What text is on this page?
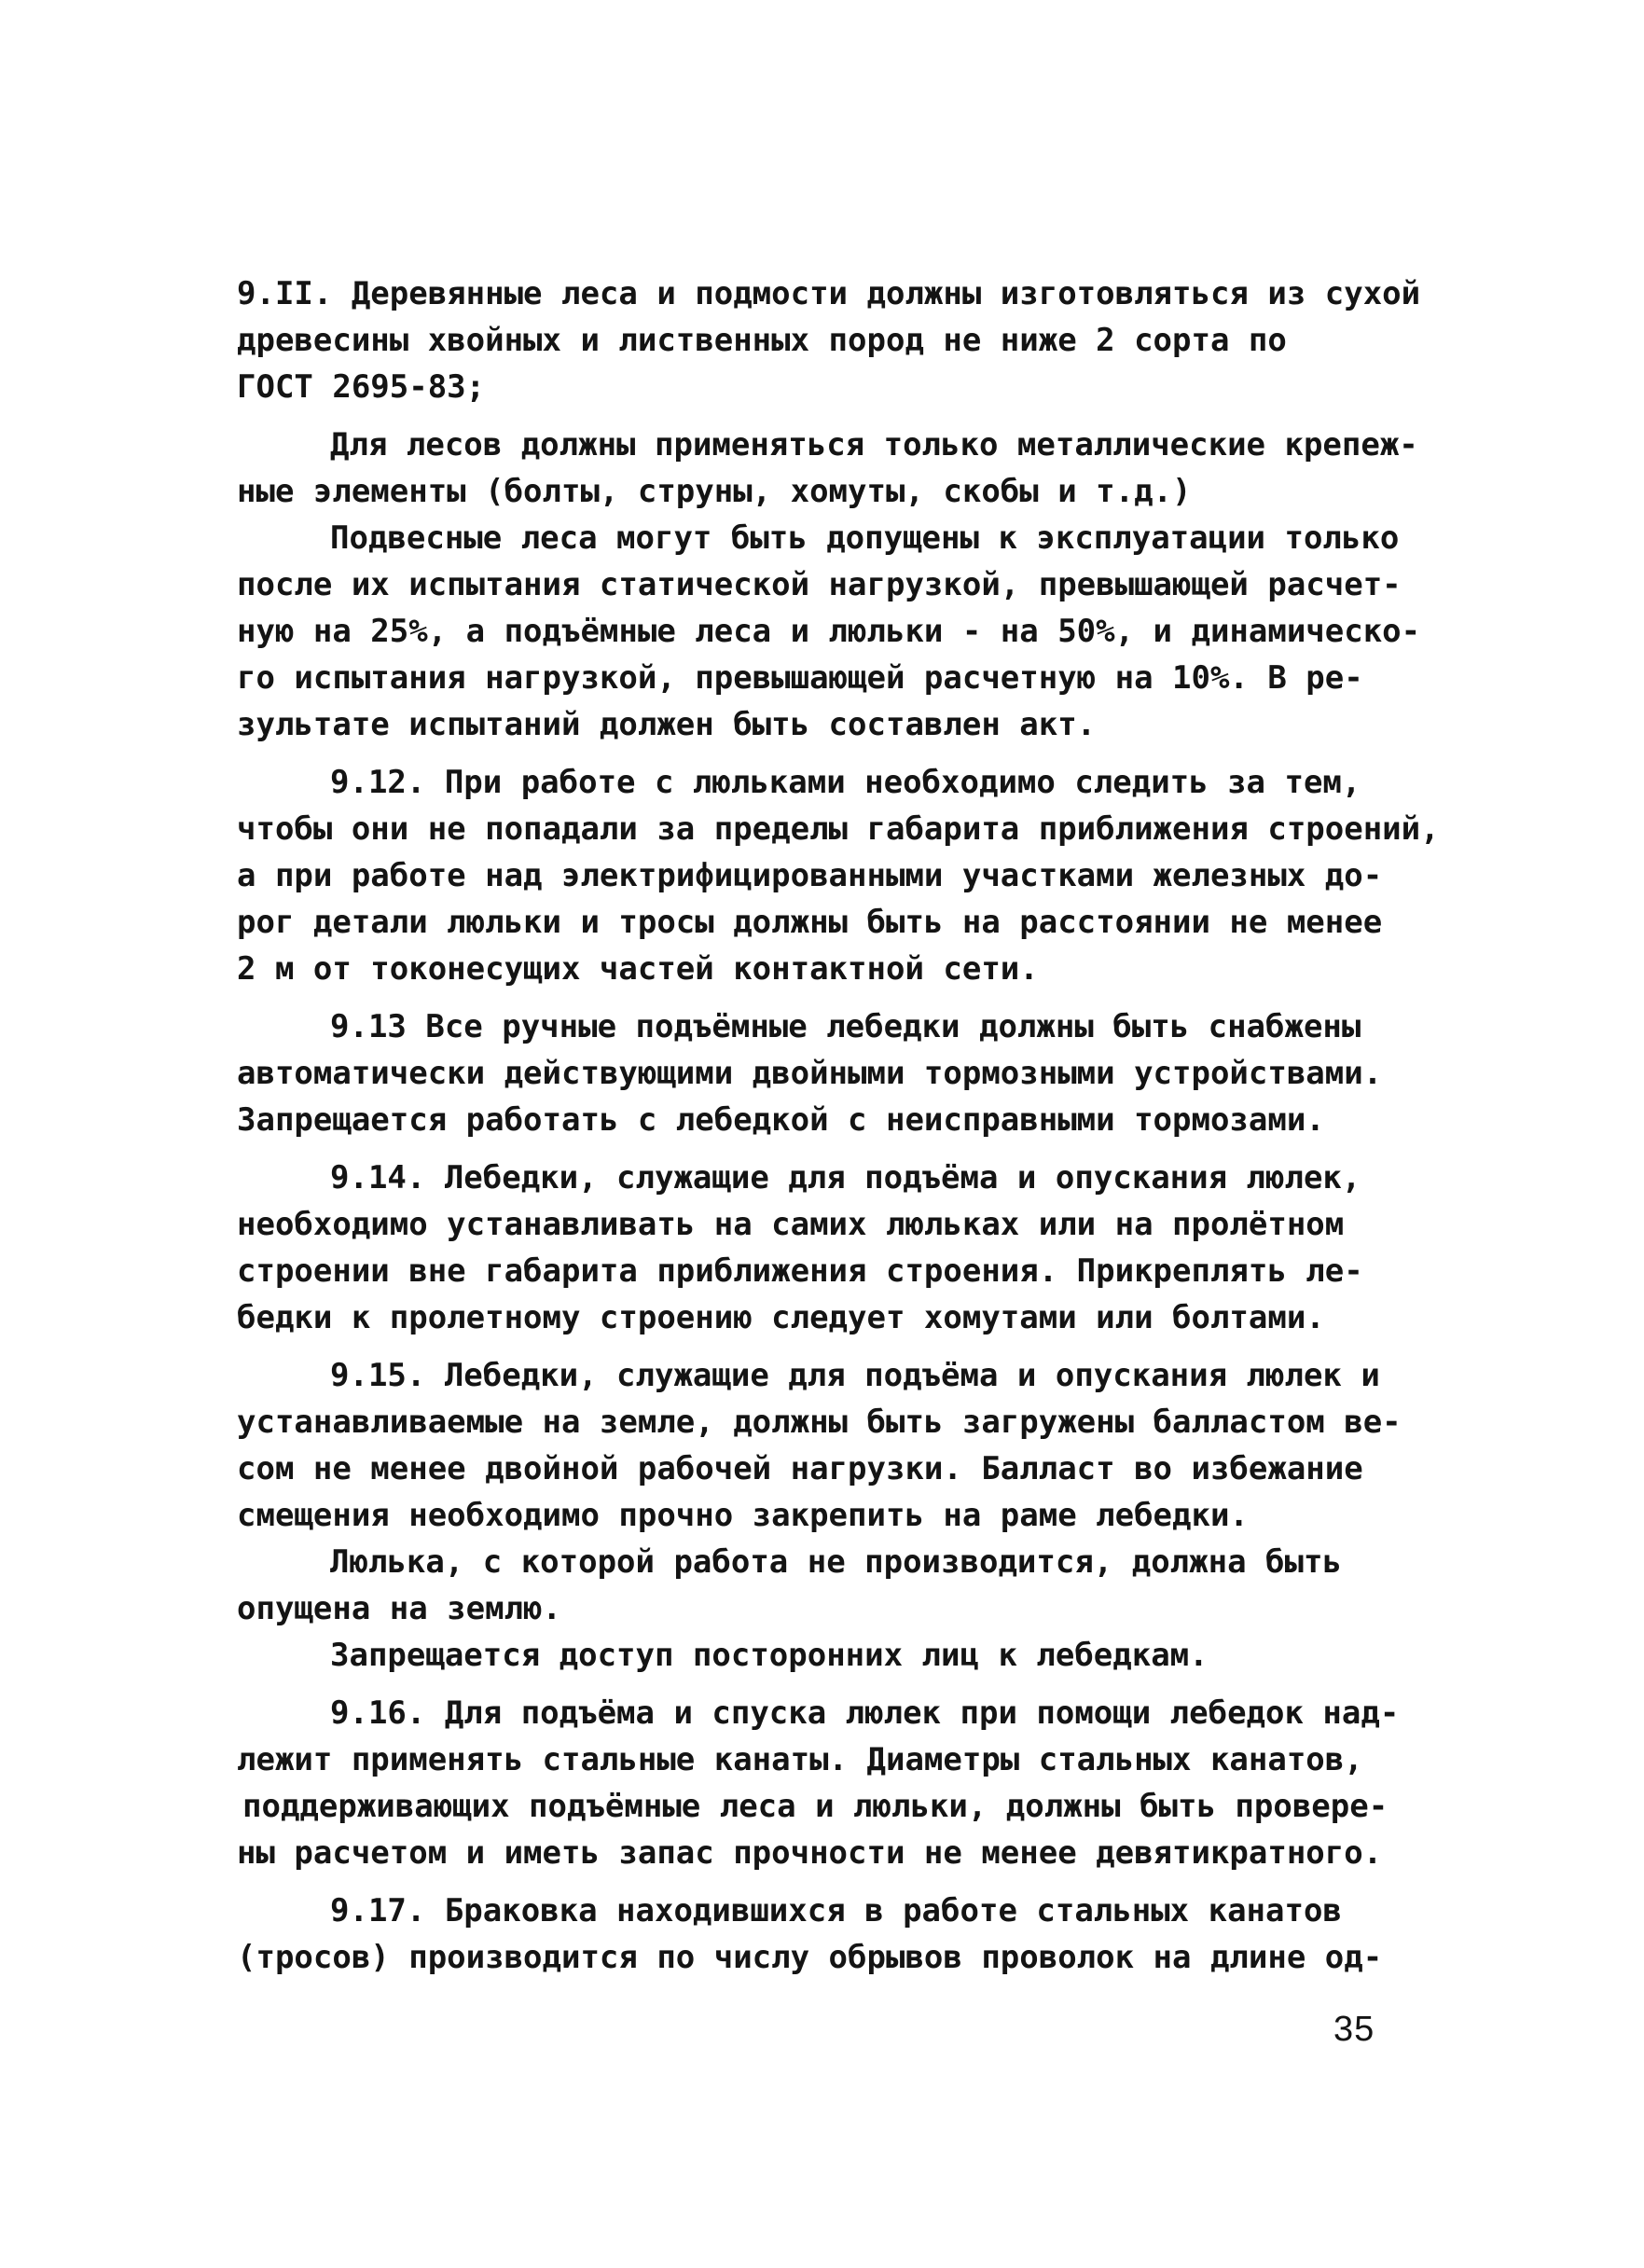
9.II. Деревянные леса и подмости должны изготовляться из сухой
древесины хвойных и лиственных пород не ниже 2 сорта по
ГОСТ 2695-83;
Для лесов должны применяться только металлические крепеж-
ные элементы (болты, струны, хомуты, скобы и т.д.)
Подвесные леса могут быть допущены к эксплуатации только
после их испытания статической нагрузкой, превышающей расчет-
ную на 25%, а подъёмные леса и люльки - на 50%, и динамическо-
го испытания нагрузкой, превышающей расчетную на 10%. В ре-
зультате испытаний должен быть составлен акт.
9.12. При работе с люльками необходимо следить за тем,
чтобы они не попадали за пределы габарита приближения строений,
а при работе над электрифицированными участками железных до-
рог детали люльки и тросы должны быть на расстоянии не менее
2 м от токонесущих частей контактной сети.
9.13 Все ручные подъёмные лебедки должны быть снабжены
автоматически действующими двойными тормозными устройствами.
Запрещается работать с лебедкой с неисправными тормозами.
9.14. Лебедки, служащие для подъёма и опускания люлек,
необходимо устанавливать на самих люльках или на пролётном
строении вне габарита приближения строения. Прикреплять ле-
бедки к пролетному строению следует хомутами или болтами.
9.15. Лебедки, служащие для подъёма и опускания люлек и
устанавливаемые на земле, должны быть загружены балластом ве-
сом не менее двойной рабочей нагрузки. Балласт во избежание
смещения необходимо прочно закрепить на раме лебедки.
Люлька, с которой работа не производится, должна быть
опущена на землю.
Запрещается доступ посторонних лиц к лебедкам.
9.16. Для подъёма и спуска люлек при помощи лебедок над-
лежит применять стальные канаты. Диаметры стальных канатов,
поддерживающих подъёмные леса и люльки, должны быть провере-
ны расчетом и иметь запас прочности не менее девятикратного.
9.17. Браковка находившихся в работе стальных канатов
(тросов) производится по числу обрывов проволок на длине од-
35
